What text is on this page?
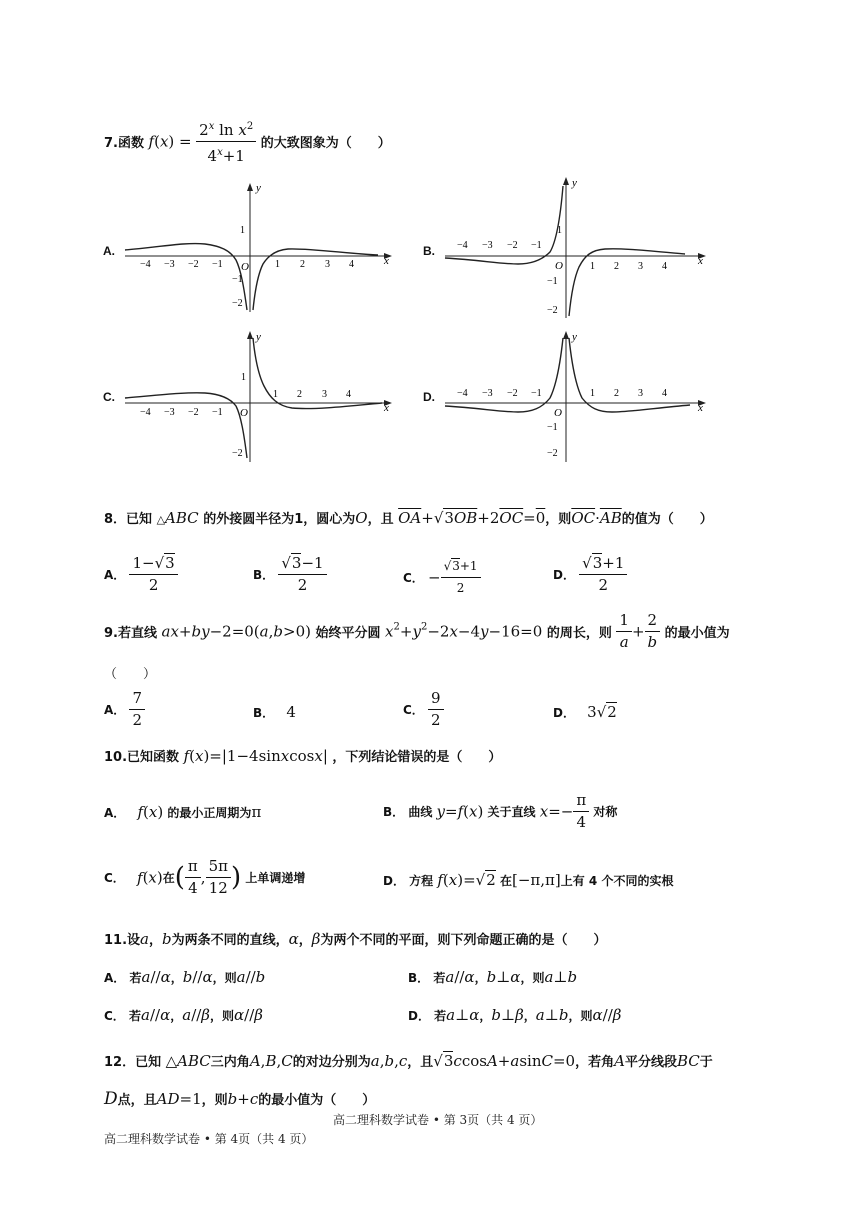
7.函数 $f(x) = \frac{2^x \ln x^2}{4^x+1}$ 的大致图象为（　　）
A.	B.
C.	D.
y
x
O
1
−1
−2
−4 −3 −2 −1	1 2 3 4
y
x
O
1
−1
−2
−4 −3 −2 −1
1 2 3 4
y
x
O
1
−2
−4 −3 −2 −1
1 2 3 4
y
x
O
−1
−2
−4 −3 −2 −1	1 2 3 4
8．已知 △ABC 的外接圆半径为1，圆心为O，且 $\overline{OA}+√3\overline{OB}+2\overline{OC}=0$，则$\overline{OC}\cdot\overline{AB}$的值为（　　）
A． $\frac{1-√3}{2}$	B． $\frac{√3-1}{2}$	C． − $\frac{√3+1}{2}$	D． $\frac{√3+1}{2}$
9.若直线 ax+by−2=0(a,b>0) 始终平分圆 $x^2+y^2-2x-4y-16=0$ 的周长，则 $\frac{1}{a} + \frac{2}{b}$ 的最小值为
（　　）
A． $\frac{7}{2}$	B． 4	C． $\frac{9}{2}$	D． 3√2
10.已知函数 f(x)=|1−4sinxcosx| ，下列结论错误的是（　　）
A． f(x) 的最小正周期为π	B． 曲线 y=f(x) 关于直线 $x=- \frac{\pi}{4}$ 对称
C． f(x)在( $\frac{\pi}{4}$ , $\frac{5\pi}{12}$ ) 上单调递增	D． 方程 f(x)=√2 在[−π,π]上有 4 个不同的实根
11.设a，b为两条不同的直线，α，β为两个不同的平面，则下列命题正确的是（　　）
A． 若a//α，b//α，则a//b	B． 若a//α，b⊥α，则a⊥b
C． 若a//α，a//β，则α//β	D． 若a⊥α，b⊥β，a⊥b，则α//β
12．已知 △ABC三内角A,B,C的对边分别为a,b,c，且√3ccosA+asinC=0，若角A平分线段BC于
D点，且AD=1，则b+c的最小值为（　　）
高二理科数学试卷 • 第 3页（共 4 页）
高二理科数学试卷 • 第 4页（共 4 页）
